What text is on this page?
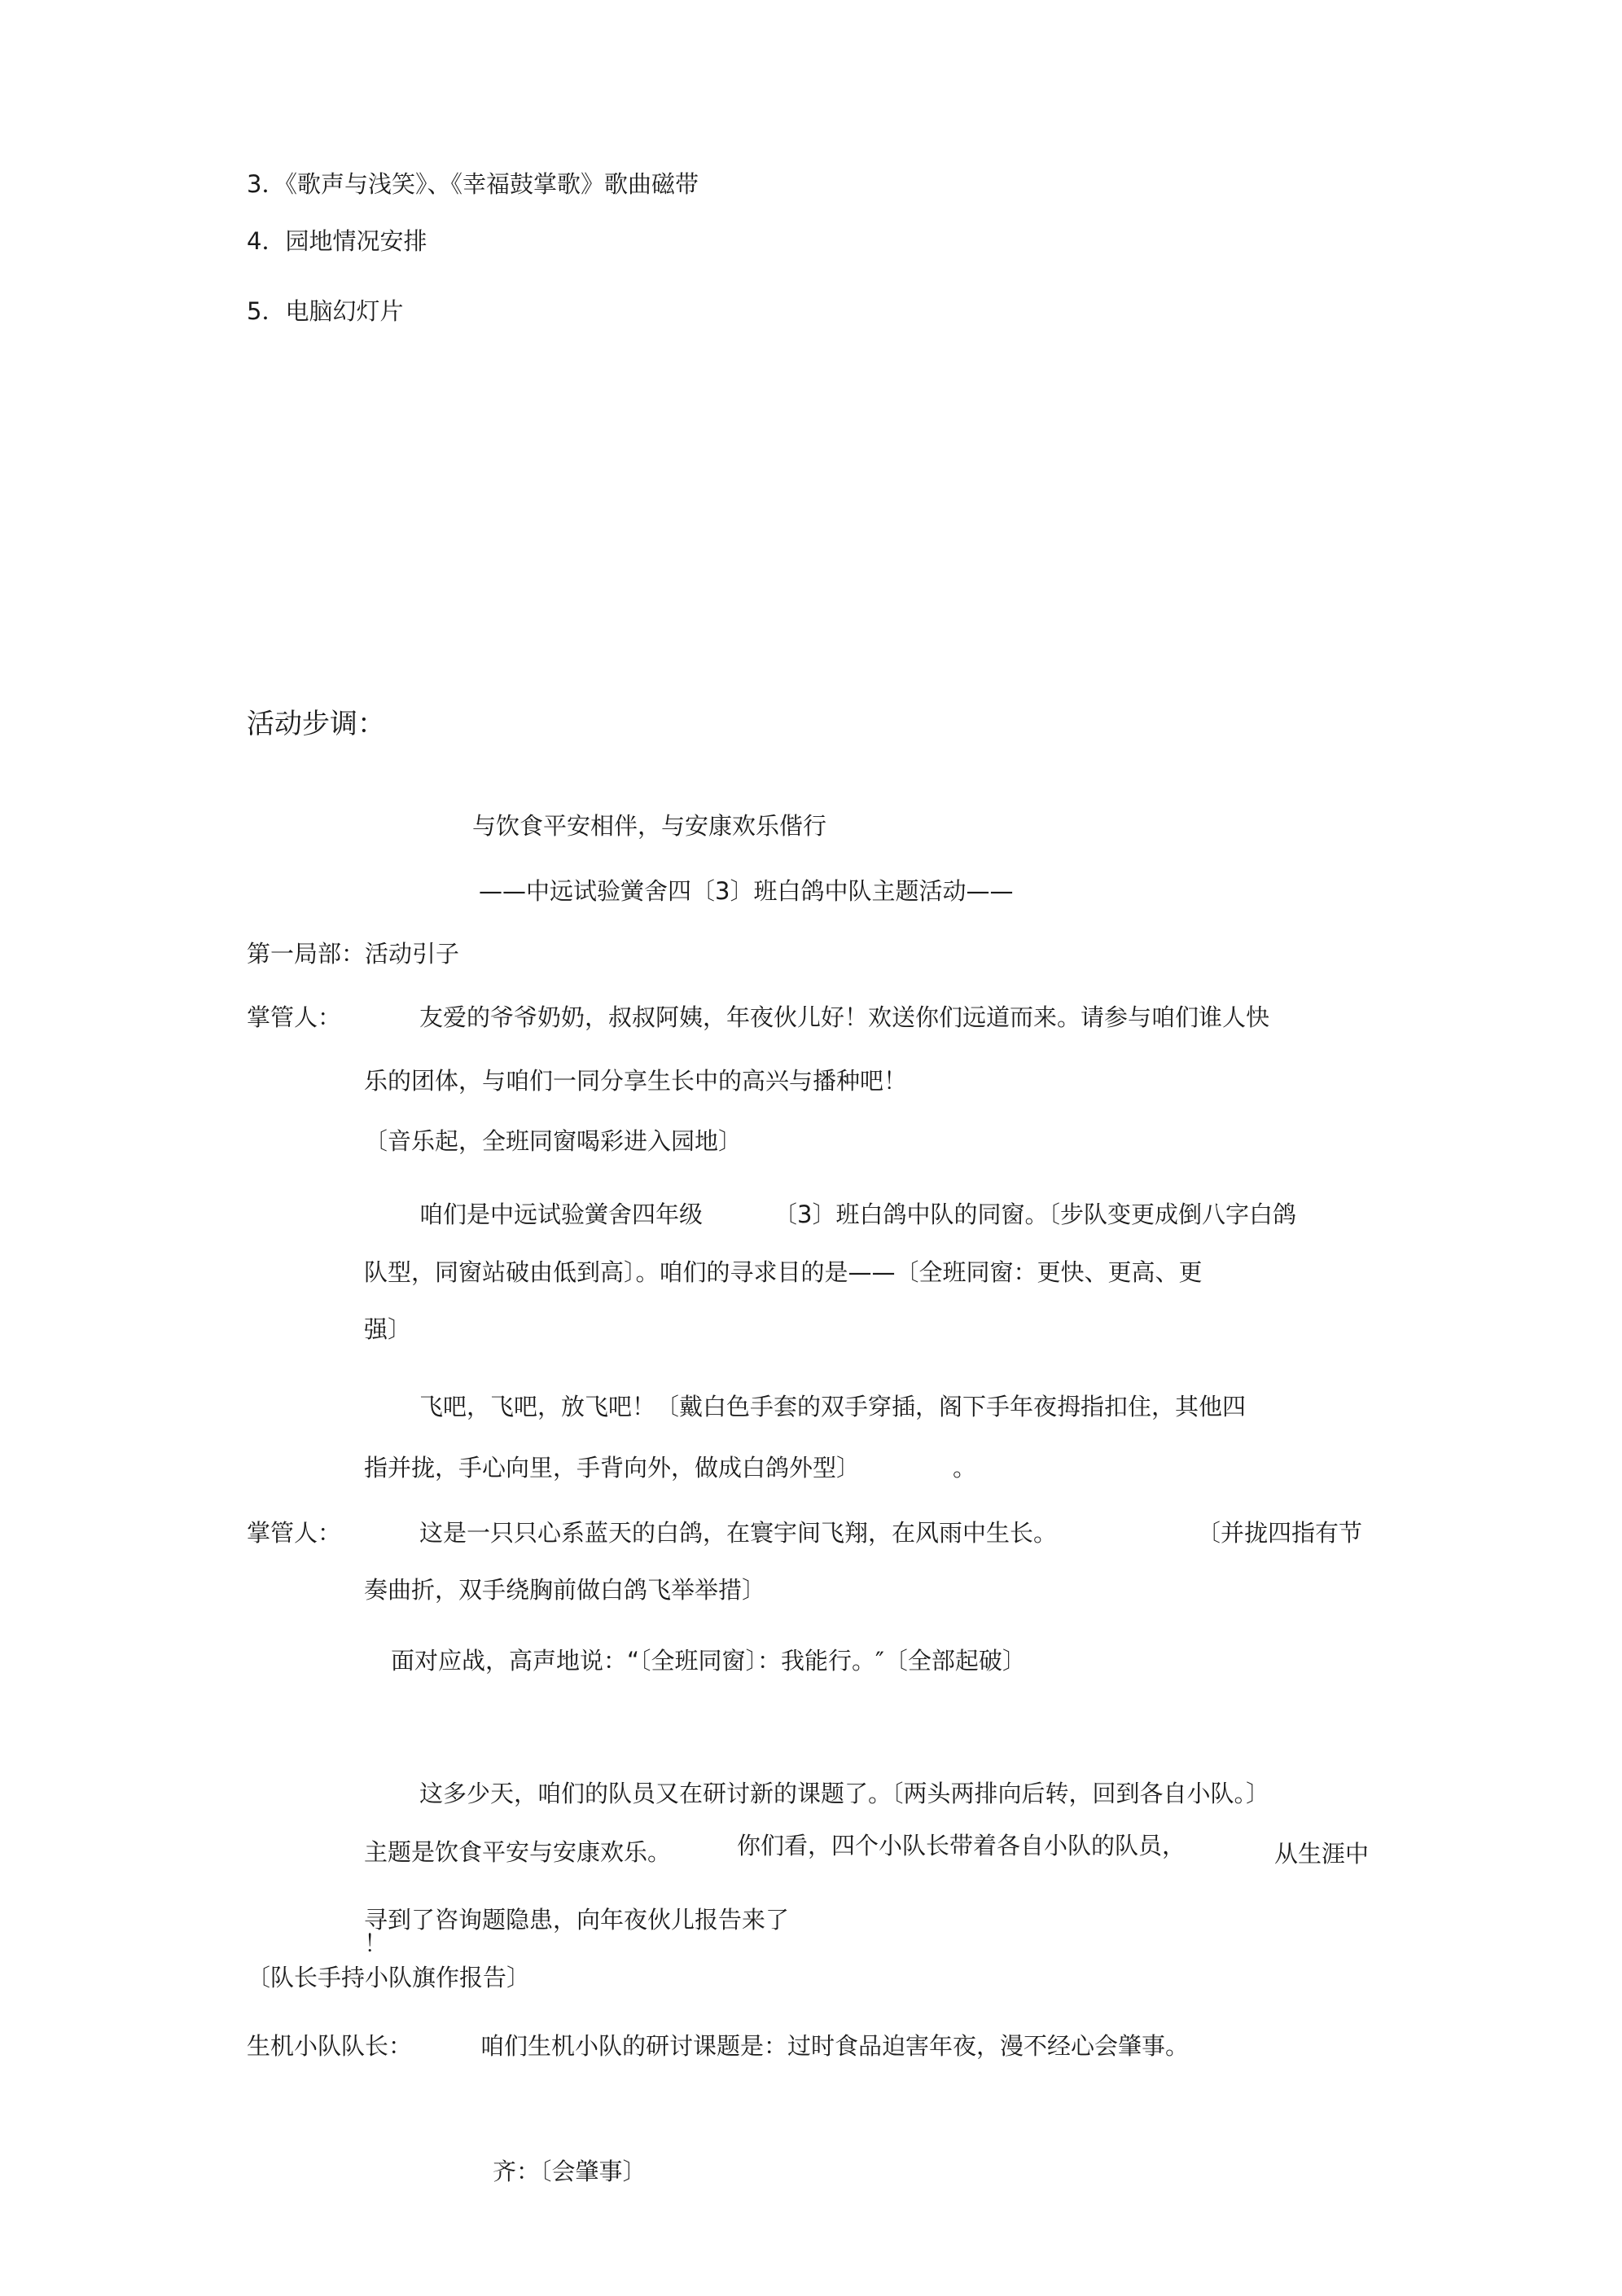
3．《歌声与浅笑》、《幸福鼓掌歌》歌曲磁带
4．园地情况安排
5．电脑幻灯片
活动步调：
与饮食平安相伴，与安康欢乐偕行
——中远试验黉舍四〔3〕班白鸽中队主题活动——
第一局部：活动引子
掌管人：	友爱的爷爷奶奶，叔叔阿姨，年夜伙儿好！欢送你们远道而来。请参与咱们谁人快
乐的团体，与咱们一同分享生长中的高兴与播种吧！
〔音乐起，全班同窗喝彩进入园地〕
咱们是中远试验黉舍四年级	〔3〕班白鸽中队的同窗。〔步队变更成倒八字白鸽
队型，同窗站破由低到高〕。咱们的寻求目的是——〔全班同窗：更快、更高、更
强〕
飞吧，飞吧，放飞吧！〔戴白色手套的双手穿插，阁下手年夜拇指扣住，其他四
指并拢，手心向里，手背向外，做成白鸽外型〕	。
掌管人：	这是一只只心系蓝天的白鸽，在寰宇间飞翔，在风雨中生长。	〔并拢四指有节
奏曲折，双手绕胸前做白鸽飞举举措〕
面对应战，高声地说：“〔全班同窗〕：我能行。″〔全部起破〕
这多少天，咱们的队员又在研讨新的课题了。〔两头两排向后转，回到各自小队。〕
主题是饮食平安与安康欢乐。	你们看，四个小队长带着各自小队的队员，	从生涯中
寻到了咨询题隐患，向年夜伙儿报告来了
！
〔队长手持小队旗作报告〕
生机小队队长：	咱们生机小队的研讨课题是：过时食品迫害年夜，漫不经心会肇事。
齐：〔会肇事〕
